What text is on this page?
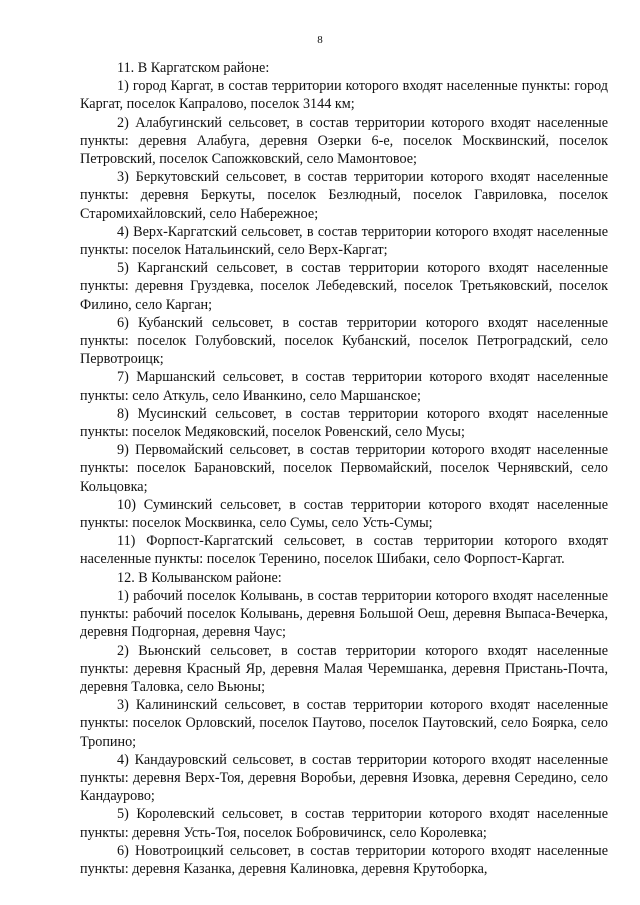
8

11. В Каргатском районе:

1) город Каргат, в состав территории которого входят населенные пункты: город Каргат, поселок Капралово, поселок 3144 км;

2) Алабугинский сельсовет, в состав территории которого входят населенные пункты: деревня Алабуга, деревня Озерки 6-е, поселок Москвинский, поселок Петровский, поселок Сапожковский, село Мамонтовое;

3) Беркутовский сельсовет, в состав территории которого входят населенные пункты: деревня Беркуты, поселок Безлюдный, поселок Гавриловка, поселок Старомихайловский, село Набережное;

4) Верх-Каргатский сельсовет, в состав территории которого входят населенные пункты: поселок Натальинский, село Верх-Каргат;

5) Карганский сельсовет, в состав территории которого входят населенные пункты: деревня Груздевка, поселок Лебедевский, поселок Третьяковский, поселок Филино, село Карган;

6) Кубанский сельсовет, в состав территории которого входят населенные пункты: поселок Голубовский, поселок Кубанский, поселок Петроградский, село Первотроицк;

7) Маршанский сельсовет, в состав территории которого входят населенные пункты: село Аткуль, село Иванкино, село Маршанское;

8) Мусинский сельсовет, в состав территории которого входят населенные пункты: поселок Медяковский, поселок Ровенский, село Мусы;

9) Первомайский сельсовет, в состав территории которого входят населенные пункты: поселок Барановский, поселок Первомайский, поселок Чернявский, село Кольцовка;

10) Суминский сельсовет, в состав территории которого входят населенные пункты: поселок Москвинка, село Сумы, село Усть-Сумы;

11) Форпост-Каргатский сельсовет, в состав территории которого входят населенные пункты: поселок Теренино, поселок Шибаки, село Форпост-Каргат.

12. В Колыванском районе:

1) рабочий поселок Колывань, в состав территории которого входят населенные пункты: рабочий поселок Колывань, деревня Большой Оеш, деревня Выпаса-Вечерка, деревня Подгорная, деревня Чаус;

2) Вьюнский сельсовет, в состав территории которого входят населенные пункты: деревня Красный Яр, деревня Малая Черемшанка, деревня Пристань-Почта, деревня Таловка, село Вьюны;

3) Калининский сельсовет, в состав территории которого входят населенные пункты: поселок Орловский, поселок Паутово, поселок Паутовский, село Боярка, село Тропино;

4) Кандауровский сельсовет, в состав территории которого входят населенные пункты: деревня Верх-Тоя, деревня Воробьи, деревня Изовка, деревня Середино, село Кандаурово;

5) Королевский сельсовет, в состав территории которого входят населенные пункты: деревня Усть-Тоя, поселок Бобровичинск, село Королевка;

6) Новотроицкий сельсовет, в состав территории которого входят населенные пункты: деревня Казанка, деревня Калиновка, деревня Крутоборка,
